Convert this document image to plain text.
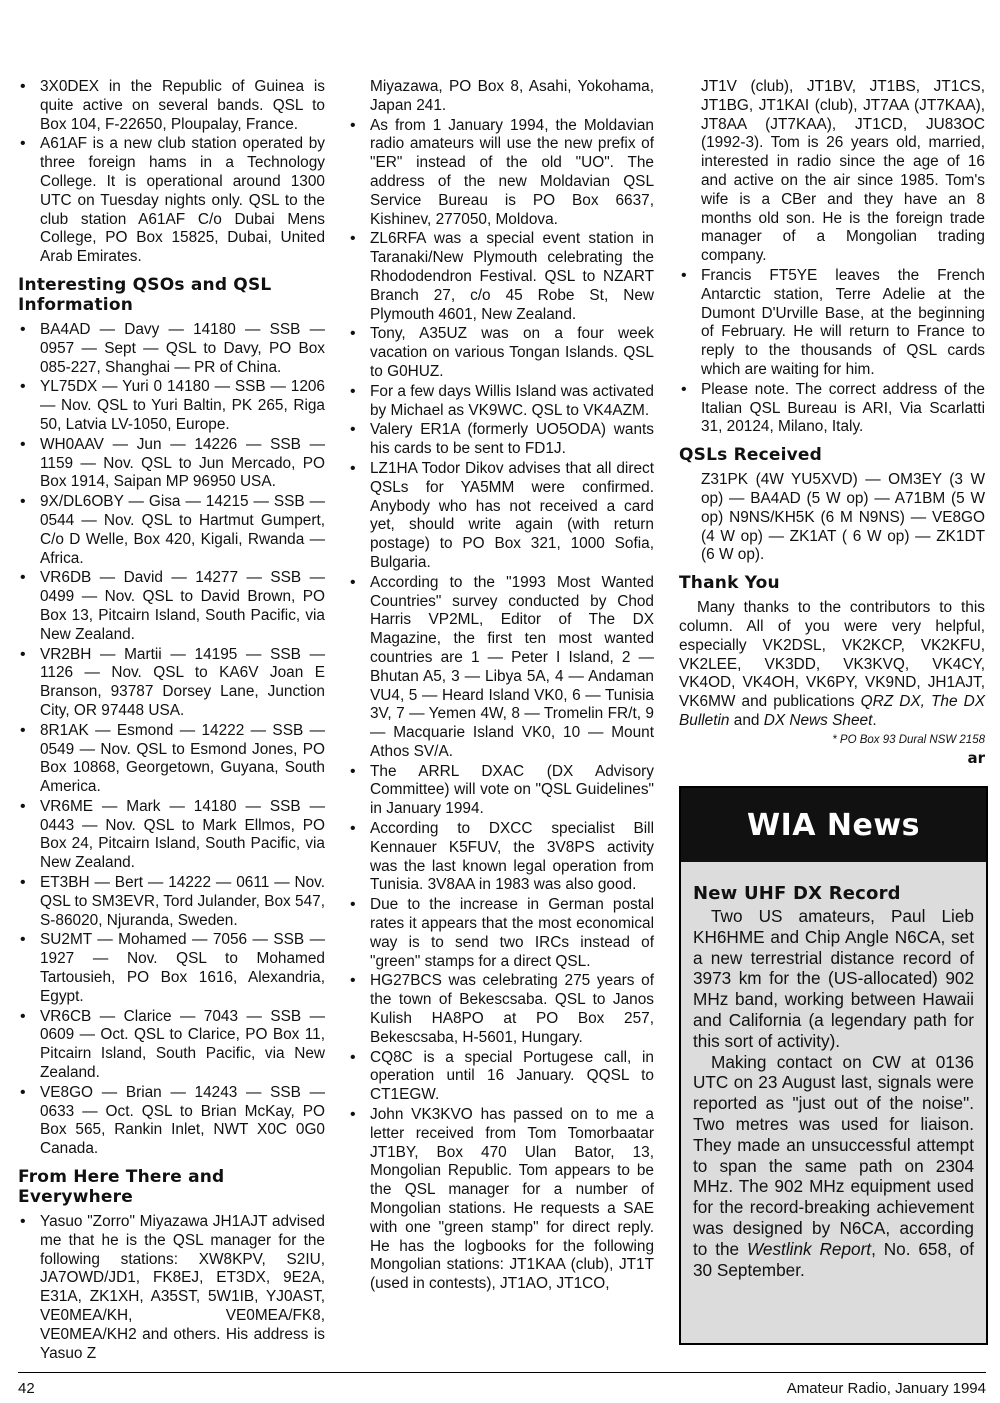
• 3X0DEX in the Republic of Guinea is quite active on several bands. QSL to Box 104, F-22650, Ploupalay, France.
• A61AF is a new club station operated by three foreign hams in a Technology College. It is operational around 1300 UTC on Tuesday nights only. QSL to the club station A61AF C/o Dubai Mens College, PO Box 15825, Dubai, United Arab Emirates.
Interesting QSOs and QSL Information
• BA4AD — Davy — 14180 — SSB — 0957 — Sept — QSL to Davy, PO Box 085-227, Shanghai — PR of China.
• YL75DX — Yuri 0 14180 — SSB — 1206 — Nov. QSL to Yuri Baltin, PK 265, Riga 50, Latvia LV-1050, Europe.
• WH0AAV — Jun — 14226 — SSB — 1159 — Nov. QSL to Jun Mercado, PO Box 1914, Saipan MP 96950 USA.
• 9X/DL6OBY — Gisa — 14215 — SSB — 0544 — Nov. QSL to Hartmut Gumpert, C/o D Welle, Box 420, Kigali, Rwanda — Africa.
• VR6DB — David — 14277 — SSB — 0499 — Nov. QSL to David Brown, PO Box 13, Pitcairn Island, South Pacific, via New Zealand.
• VR2BH — Martii — 14195 — SSB — 1126 — Nov. QSL to KA6V Joan E Branson, 93787 Dorsey Lane, Junction City, OR 97448 USA.
• 8R1AK — Esmond — 14222 — SSB — 0549 — Nov. QSL to Esmond Jones, PO Box 10868, Georgetown, Guyana, South America.
• VR6ME — Mark — 14180 — SSB — 0443 — Nov. QSL to Mark Ellmos, PO Box 24, Pitcairn Island, South Pacific, via New Zealand.
• ET3BH — Bert — 14222 — 0611 — Nov. QSL to SM3EVR, Tord Julander, Box 547, S-86020, Njuranda, Sweden.
• SU2MT — Mohamed — 7056 — SSB — 1927 — Nov. QSL to Mohamed Tartousieh, PO Box 1616, Alexandria, Egypt.
• VR6CB — Clarice — 7043 — SSB — 0609 — Oct. QSL to Clarice, PO Box 11, Pitcairn Island, South Pacific, via New Zealand.
• VE8GO — Brian — 14243 — SSB — 0633 — Oct. QSL to Brian McKay, PO Box 565, Rankin Inlet, NWT X0C 0G0 Canada.
From Here There and Everywhere
• Yasuo "Zorro" Miyazawa JH1AJT advised me that he is the QSL manager for the following stations: XW8KPV, S2IU, JA7OWD/JD1, FK8EJ, ET3DX, 9E2A, E31A, ZK1XH, A35ST, 5W1IB, YJ0AST, VE0MEA/KH, VE0MEA/FK8, VE0MEA/KH2 and others. His address is Yasuo Z
Miyazawa, PO Box 8, Asahi, Yokohama, Japan 241.
• As from 1 January 1994, the Moldavian radio amateurs will use the new prefix of "ER" instead of the old "UO". The address of the new Moldavian QSL Service Bureau is PO Box 6637, Kishinev, 277050, Moldova.
• ZL6RFA was a special event station in Taranaki/New Plymouth celebrating the Rhododendron Festival. QSL to NZART Branch 27, c/o 45 Robe St, New Plymouth 4601, New Zealand.
• Tony, A35UZ was on a four week vacation on various Tongan Islands. QSL to G0HUZ.
• For a few days Willis Island was activated by Michael as VK9WC. QSL to VK4AZM.
• Valery ER1A (formerly UO5ODA) wants his cards to be sent to FD1J.
• LZ1HA Todor Dikov advises that all direct QSLs for YA5MM were confirmed. Anybody who has not received a card yet, should write again (with return postage) to PO Box 321, 1000 Sofia, Bulgaria.
• According to the "1993 Most Wanted Countries" survey conducted by Chod Harris VP2ML, Editor of The DX Magazine, the first ten most wanted countries are 1 — Peter I Island, 2 — Bhutan A5, 3 — Libya 5A, 4 — Andaman VU4, 5 — Heard Island VK0, 6 — Tunisia 3V, 7 — Yemen 4W, 8 — Tromelin FR/t, 9 — Macquarie Island VK0, 10 — Mount Athos SV/A.
• The ARRL DXAC (DX Advisory Committee) will vote on "QSL Guidelines" in January 1994.
• According to DXCC specialist Bill Kennauer K5FUV, the 3V8PS activity was the last known legal operation from Tunisia. 3V8AA in 1983 was also good.
• Due to the increase in German postal rates it appears that the most economical way is to send two IRCs instead of "green" stamps for a direct QSL.
• HG27BCS was celebrating 275 years of the town of Bekescsaba. QSL to Janos Kulish HA8PO at PO Box 257, Bekescsaba, H-5601, Hungary.
• CQ8C is a special Portugese call, in operation until 16 January. QQSL to CT1EGW.
• John VK3KVO has passed on to me a letter received from Tom Tomorbaatar JT1BY, Box 470 Ulan Bator, 13, Mongolian Republic. Tom appears to be the QSL manager for a number of Mongolian stations. He requests a SAE with one "green stamp" for direct reply. He has the logbooks for the following Mongolian stations: JT1KAA (club), JT1T (used in contests), JT1AO, JT1CO,
JT1V (club), JT1BV, JT1BS, JT1CS, JT1BG, JT1KAI (club), JT7AA (JT7KAA), JT8AA (JT7KAA), JT1CD, JU83OC (1992-3). Tom is 26 years old, married, interested in radio since the age of 16 and active on the air since 1985. Tom's wife is a CBer and they have an 8 months old son. He is the foreign trade manager of a Mongolian trading company.
• Francis FT5YE leaves the French Antarctic station, Terre Adelie at the Dumont D'Urville Base, at the beginning of February. He will return to France to reply to the thousands of QSL cards which are waiting for him.
• Please note. The correct address of the Italian QSL Bureau is ARI, Via Scarlatti 31, 20124, Milano, Italy.
QSLs Received
Z31PK (4W YU5XVD) — OM3EY (3 W op) — BA4AD (5 W op) — A71BM (5 W op) N9NS/KH5K (6 M N9NS) — VE8GO (4 W op) — ZK1AT ( 6 W op) — ZK1DT (6 W op).
Thank You

Many thanks to the contributors to this column. All of you were very helpful, especially VK2DSL, VK2KCP, VK2KFU, VK2LEE, VK3DD, VK3KVQ, VK4CY, VK4OD, VK4OH, VK6PY, VK9ND, JH1AJT, VK6MW and publications QRZ DX, The DX Bulletin and DX News Sheet.

* PO Box 93 Dural NSW 2158
ar
WIA News
New UHF DX Record

Two US amateurs, Paul Lieb KH6HME and Chip Angle N6CA, set a new terrestrial distance record of 3973 km for the (US-allocated) 902 MHz band, working between Hawaii and California (a legendary path for this sort of activity).

Making contact on CW at 0136 UTC on 23 August last, signals were reported as "just out of the noise". Two metres was used for liaison. They made an unsuccessful attempt to span the same path on 2304 MHz. The 902 MHz equipment used for the record-breaking achievement was designed by N6CA, according to the Westlink Report, No. 658, of 30 September.

42	Amateur Radio, January 1994
